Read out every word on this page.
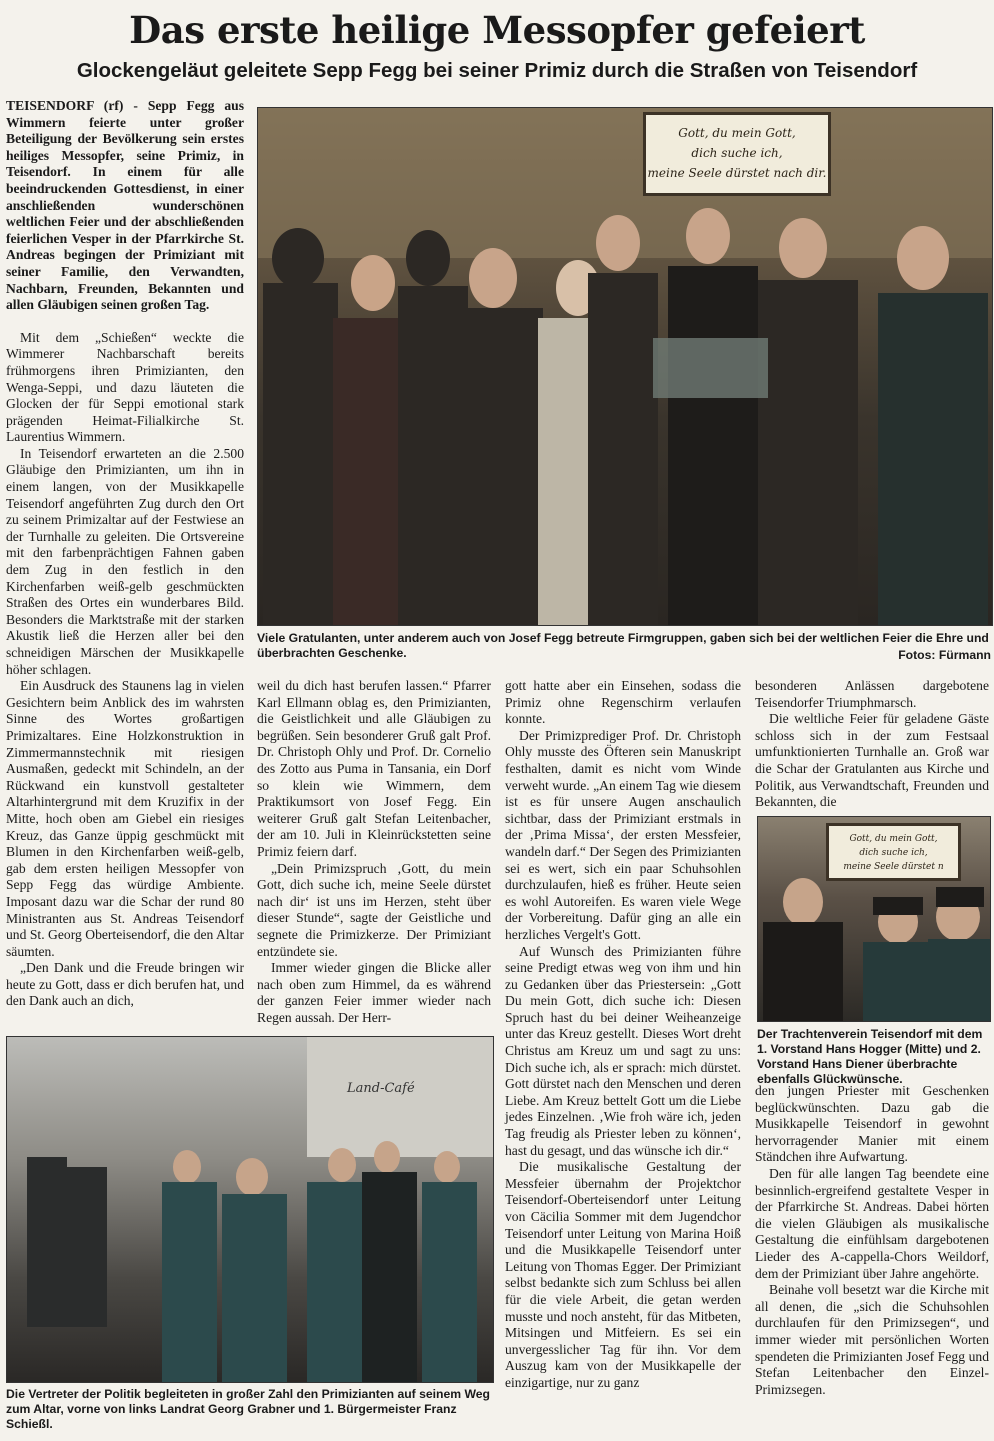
Das erste heilige Messopfer gefeiert
Glockengeläut geleitete Sepp Fegg bei seiner Primiz durch die Straßen von Teisendorf

TEISENDORF (rf) - Sepp Fegg aus Wimmern feierte unter großer Beteiligung der Bevölkerung sein erstes heiliges Messopfer, seine Primiz, in Teisendorf. In einem für alle beeindruckenden Gottesdienst, in einer anschließenden wunderschönen weltlichen Feier und der abschließenden feierlichen Vesper in der Pfarrkirche St. Andreas begingen der Primiziant mit seiner Familie, den Verwandten, Nachbarn, Freunden, Bekannten und allen Gläubigen seinen großen Tag.

Mit dem „Schießen“ weckte die Wimmerer Nachbarschaft bereits frühmorgens ihren Primizianten, den Wenga-Seppi, und dazu läuteten die Glocken der für Seppi emotional stark prägenden Heimat-Filialkirche St. Laurentius Wimmern.

In Teisendorf erwarteten an die 2.500 Gläubige den Primizianten, um ihn in einem langen, von der Musikkapelle Teisendorf angeführten Zug durch den Ort zu seinem Primizaltar auf der Festwiese an der Turnhalle zu geleiten. Die Ortsvereine mit den farbenprächtigen Fahnen gaben dem Zug in den festlich in den Kirchenfarben weiß-gelb geschmückten Straßen des Ortes ein wunderbares Bild. Besonders die Marktstraße mit der starken Akustik ließ die Herzen aller bei den schneidigen Märschen der Musikkapelle höher schlagen.

Ein Ausdruck des Staunens lag in vielen Gesichtern beim Anblick des im wahrsten Sinne des Wortes großartigen Primizaltares. Eine Holzkonstruktion in Zimmermannstechnik mit riesigen Ausmaßen, gedeckt mit Schindeln, an der Rückwand ein kunstvoll gestalteter Altarhintergrund mit dem Kruzifix in der Mitte, hoch oben am Giebel ein riesiges Kreuz, das Ganze üppig geschmückt mit Blumen in den Kirchenfarben weiß-gelb, gab dem ersten heiligen Messopfer von Sepp Fegg das würdige Ambiente. Imposant dazu war die Schar der rund 80 Ministranten aus St. Andreas Teisendorf und St. Georg Oberteisendorf, die den Altar säumten.

„Den Dank und die Freude bringen wir heute zu Gott, dass er dich berufen hat, und den Dank auch an dich,

Gott, du mein Gott,
dich suche ich,
meine Seele dürstet nach dir.
Viele Gratulanten, unter anderem auch von Josef Fegg betreute Firmgruppen, gaben sich bei der weltlichen Feier die Ehre und überbrachten Geschenke.	Fotos: Fürmann

weil du dich hast berufen lassen.“ Pfarrer Karl Ellmann oblag es, den Primizianten, die Geistlichkeit und alle Gläubigen zu begrüßen. Sein besonderer Gruß galt Prof. Dr. Christoph Ohly und Prof. Dr. Cornelio des Zotto aus Puma in Tansania, ein Dorf so klein wie Wimmern, dem Praktikumsort von Josef Fegg. Ein weiterer Gruß galt Stefan Leitenbacher, der am 10. Juli in Kleinrückstetten seine Primiz feiern darf.

„Dein Primizspruch ‚Gott, du mein Gott, dich suche ich, meine Seele dürstet nach dir‘ ist uns im Herzen, steht über dieser Stunde“, sagte der Geistliche und segnete die Primizkerze. Der Primiziant entzündete sie.

Immer wieder gingen die Blicke aller nach oben zum Himmel, da es während der ganzen Feier immer wieder nach Regen aussah. Der Herr-

gott hatte aber ein Einsehen, sodass die Primiz ohne Regenschirm verlaufen konnte.

Der Primizprediger Prof. Dr. Christoph Ohly musste des Öfteren sein Manuskript festhalten, damit es nicht vom Winde verweht wurde. „An einem Tag wie diesem ist es für unsere Augen anschaulich sichtbar, dass der Primiziant erstmals in der ‚Prima Missa‘, der ersten Messfeier, wandeln darf.“ Der Segen des Primizianten sei es wert, sich ein paar Schuhsohlen durchzulaufen, hieß es früher. Heute seien es wohl Autoreifen. Es waren viele Wege der Vorbereitung. Dafür ging an alle ein herzliches Vergelt's Gott.

Auf Wunsch des Primizianten führe seine Predigt etwas weg von ihm und hin zu Gedanken über das Priestersein: „Gott Du mein Gott, dich suche ich: Diesen Spruch hast du bei deiner Weiheanzeige unter das Kreuz gestellt. Dieses Wort dreht Christus am Kreuz um und sagt zu uns: Dich suche ich, als er sprach: mich dürstet. Gott dürstet nach den Menschen und deren Liebe. Am Kreuz bettelt Gott um die Liebe jedes Einzelnen. ‚Wie froh wäre ich, jeden Tag freudig als Priester leben zu können‘, hast du gesagt, und das wünsche ich dir.“

Die musikalische Gestaltung der Messfeier übernahm der Projektchor Teisendorf-Oberteisendorf unter Leitung von Cäcilia Sommer mit dem Jugendchor Teisendorf unter Leitung von Marina Hoiß und die Musikkapelle Teisendorf unter Leitung von Thomas Egger. Der Primiziant selbst bedankte sich zum Schluss bei allen für die viele Arbeit, die getan werden musste und noch ansteht, für das Mitbeten, Mitsingen und Mitfeiern. Es sei ein unvergesslicher Tag für ihn. Vor dem Auszug kam von der Musikkapelle der einzigartige, nur zu ganz

besonderen Anlässen dargebotene Teisendorfer Triumphmarsch.

Die weltliche Feier für geladene Gäste schloss sich in der zum Festsaal umfunktionierten Turnhalle an. Groß war die Schar der Gratulanten aus Kirche und Politik, aus Verwandtschaft, Freunden und Bekannten, die

Gott, du mein Gott,
dich suche ich,
meine Seele dürstet n
Der Trachtenverein Teisendorf mit dem 1. Vorstand Hans Hogger (Mitte) und 2. Vorstand Hans Diener überbrachte ebenfalls Glückwünsche.

den jungen Priester mit Geschenken beglückwünschten. Dazu gab die Musikkapelle Teisendorf in gewohnt hervorragender Manier mit einem Ständchen ihre Aufwartung.

Den für alle langen Tag beendete eine besinnlich-ergreifend gestaltete Vesper in der Pfarrkirche St. Andreas. Dabei hörten die vielen Gläubigen als musikalische Gestaltung die einfühlsam dargebotenen Lieder des A-cappella-Chors Weildorf, dem der Primiziant über Jahre angehörte.

Beinahe voll besetzt war die Kirche mit all denen, die „sich die Schuhsohlen durchlaufen für den Primizsegen“, und immer wieder mit persönlichen Worten spendeten die Primizianten Josef Fegg und Stefan Leitenbacher den Einzel-Primizsegen.

Land-Café
Die Vertreter der Politik begleiteten in großer Zahl den Primizianten auf seinem Weg zum Altar, vorne von links Landrat Georg Grabner und 1. Bürgermeister Franz Schießl.
